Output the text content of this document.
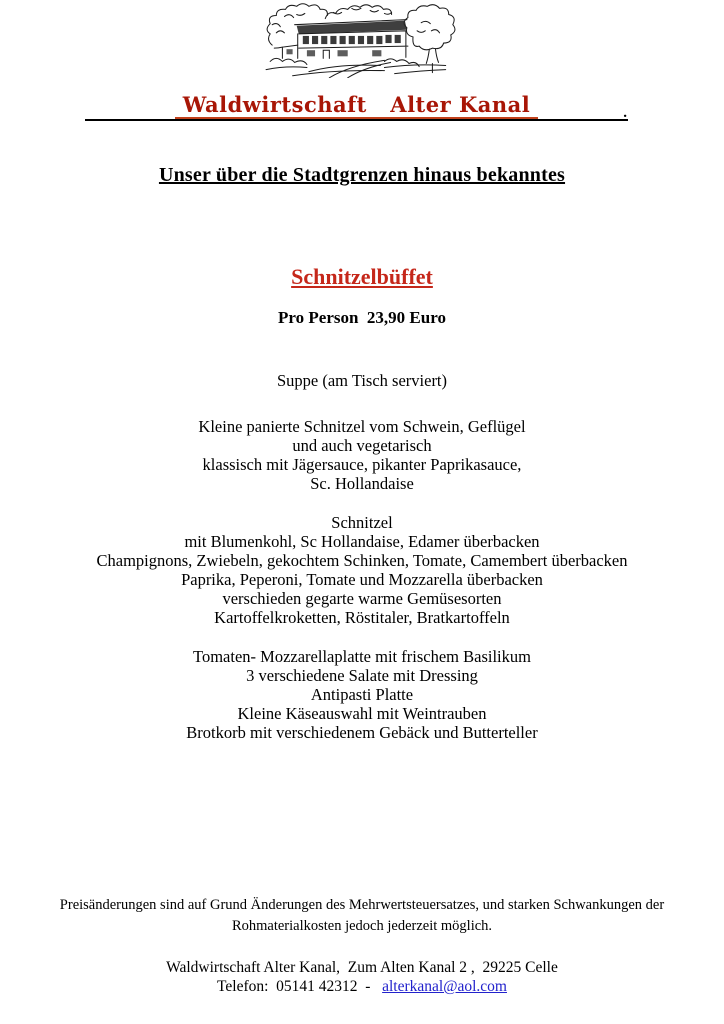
Waldwirtschaft   Alter Kanal	.
Unser über die Stadtgrenzen hinaus bekanntes
Schnitzelbüffet
Pro Person  23,90 Euro

Suppe (am Tisch serviert)

Kleine panierte Schnitzel vom Schwein, Geflügel
und auch vegetarisch
klassisch mit Jägersauce, pikanter Paprikasauce,
Sc. Hollandaise

Schnitzel
mit Blumenkohl, Sc Hollandaise, Edamer überbacken
Champignons, Zwiebeln, gekochtem Schinken, Tomate, Camembert überbacken
Paprika, Peperoni, Tomate und Mozzarella überbacken
verschieden gegarte warme Gemüsesorten
Kartoffelkroketten, Röstitaler, Bratkartoffeln

Tomaten- Mozzarellaplatte mit frischem Basilikum
3 verschiedene Salate mit Dressing
Antipasti Platte
Kleine Käseauswahl mit Weintrauben
Brotkorb mit verschiedenem Gebäck und Butterteller

Preisänderungen sind auf Grund Änderungen des Mehrwertsteuersatzes, und starken Schwankungen der
Rohmaterialkosten jedoch jederzeit möglich.
Waldwirtschaft Alter Kanal,  Zum Alten Kanal 2 ,  29225 Celle
Telefon:  05141 42312  -   alterkanal@aol.com
